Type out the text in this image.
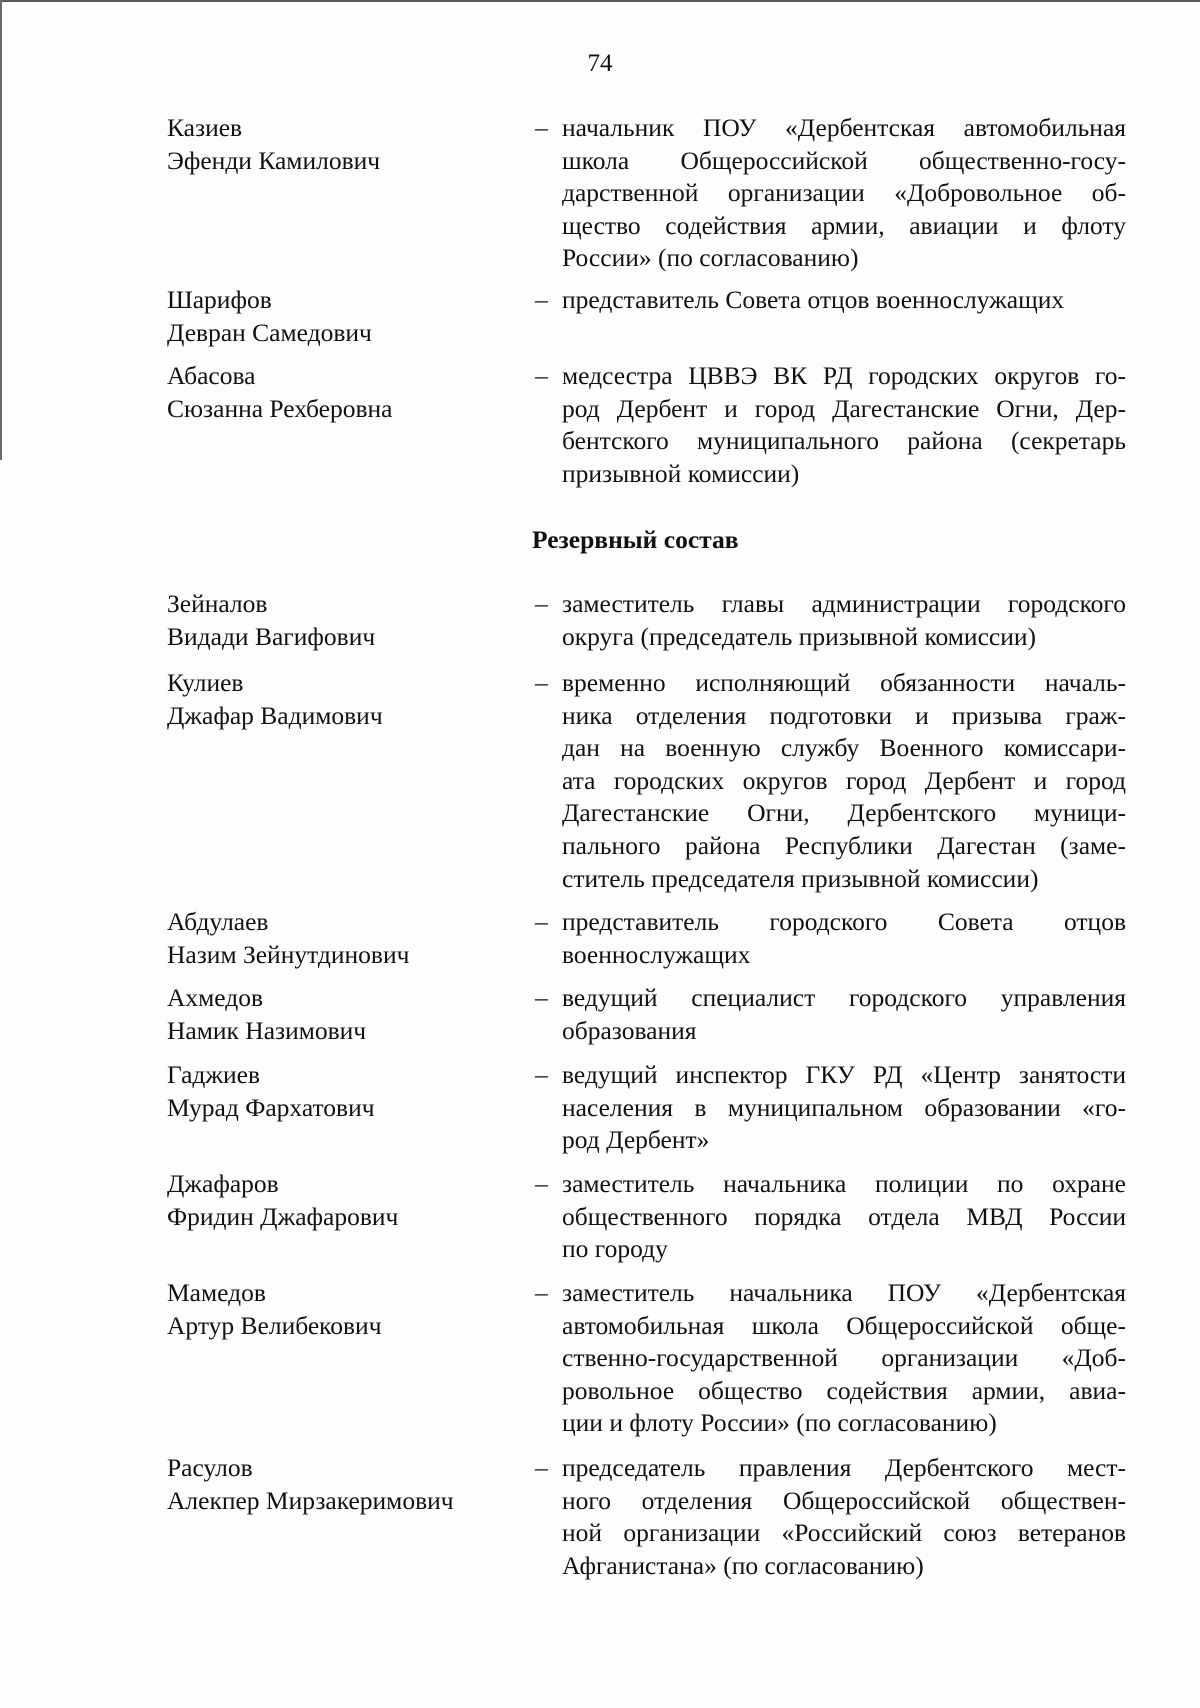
74
Казиев
Эфенди Камилович
– начальник ПОУ «Дербентская автомобильная
школа Общероссийской общественно-госу-
дарственной организации «Добровольное об-
щество содействия армии, авиации и флоту
России» (по согласованию)
Шарифов
Девран Самедович
– представитель Совета отцов военнослужащих
Абасова
Сюзанна Рехберовна
– медсестра ЦВВЭ ВК РД городских округов го-
род Дербент и город Дагестанские Огни, Дер-
бентского муниципального района (секретарь
призывной комиссии)
Резервный состав
Зейналов
Видади Вагифович
– заместитель главы администрации городского
округа (председатель призывной комиссии)
Кулиев
Джафар Вадимович
– временно исполняющий обязанности началь-
ника отделения подготовки и призыва граж-
дан на военную службу Военного комиссари-
ата городских округов город Дербент и город
Дагестанские Огни, Дербентского муници-
пального района Республики Дагестан (заме-
ститель председателя призывной комиссии)
Абдулаев
Назим Зейнутдинович
– представитель городского Совета отцов
военнослужащих
Ахмедов
Намик Назимович
– ведущий специалист городского управления
образования
Гаджиев
Мурад Фархатович
– ведущий инспектор ГКУ РД «Центр занятости
населения в муниципальном образовании «го-
род Дербент»
Джафаров
Фридин Джафарович
– заместитель начальника полиции по охране
общественного порядка отдела МВД России
по городу
Мамедов
Артур Велибекович
– заместитель начальника ПОУ «Дербентская
автомобильная школа Общероссийской обще-
ственно-государственной организации «Доб-
ровольное общество содействия армии, авиа-
ции и флоту России» (по согласованию)
Расулов
Алекпер Мирзакеримович
– председатель правления Дербентского мест-
ного отделения Общероссийской обществен-
ной организации «Российский союз ветеранов
Афганистана» (по согласованию)
